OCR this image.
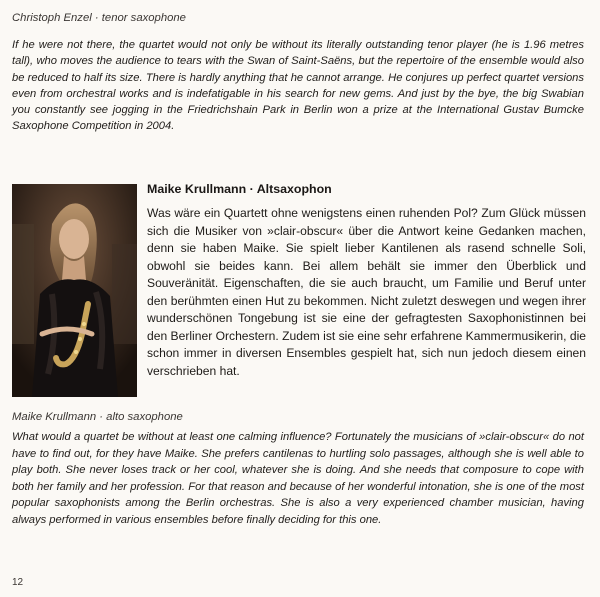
Christoph Enzel · tenor saxophone
If he were not there, the quartet would not only be without its literally outstanding tenor player (he is 1.96 metres tall), who moves the audience to tears with the Swan of Saint-Saëns, but the repertoire of the ensemble would also be reduced to half its size. There is hardly anything that he cannot arrange. He conjures up perfect quartet versions even from orchestral works and is indefatigable in his search for new gems. And just by the bye, the big Swabian you constantly see jogging in the Friedrichshain Park in Berlin won a prize at the International Gustav Bumcke Saxophone Competition in 2004.
Maike Krullmann · Altsaxophon
Was wäre ein Quartett ohne wenigstens einen ruhenden Pol? Zum Glück müssen sich die Musiker von »clair-obscur« über die Antwort keine Gedanken machen, denn sie haben Maike. Sie spielt lieber Kantilenen als rasend schnelle Soli, obwohl sie beides kann. Bei allem behält sie immer den Überblick und Souveränität. Eigenschaften, die sie auch braucht, um Familie und Beruf unter den berühmten einen Hut zu bekommen. Nicht zuletzt deswegen und wegen ihrer wunderschönen Tongebung ist sie eine der gefragtesten Saxophonistinnen bei den Berliner Orchestern. Zudem ist sie eine sehr erfahrene Kammermusikerin, die schon immer in diversen Ensembles gespielt hat, sich nun jedoch diesem einen verschrieben hat.
Maike Krullmann · alto saxophone
What would a quartet be without at least one calming influence? Fortunately the musicians of »clair-obscur« do not have to find out, for they have Maike. She prefers cantilenas to hurtling solo passages, although she is well able to play both. She never loses track or her cool, whatever she is doing. And she needs that composure to cope with both her family and her profession. For that reason and because of her wonderful intonation, she is one of the most popular saxophonists among the Berlin orchestras. She is also a very experienced chamber musician, having always performed in various ensembles before finally deciding for this one.
12
